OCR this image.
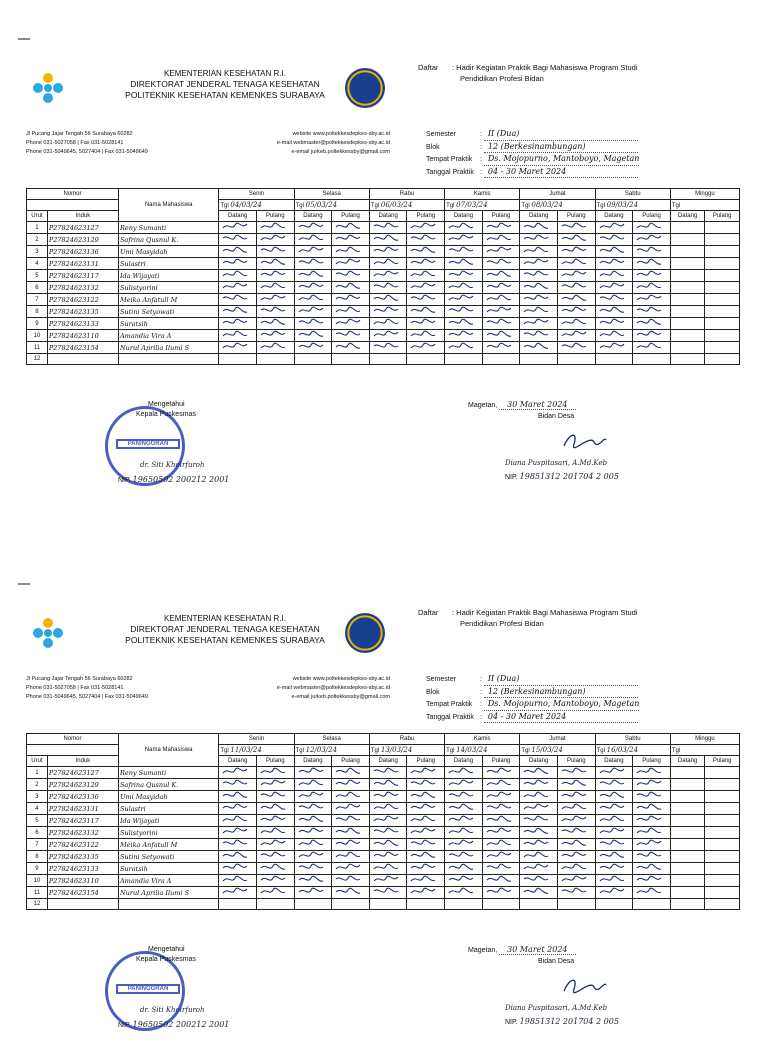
KEMENTERIAN KESEHATAN R.I.
DIREKTORAT JENDERAL TENAGA KESEHATAN
POLITEKNIK KESEHATAN KEMENKES SURABAYA
Jl Pucang Jajar Tengah 56 Surabaya 60282
Phone 031-5027058 | Fax 031-5028141
Phone 031-5049645, 5027404 | Fax 031-5049649
website www.poltekkesdepkes-sby.ac.id
e-mail webmaster@poltekkesdepkes-sby.ac.id
e-email jurkeb.poltekkessby@gmail.com
Daftar : Hadir Kegiatan Praktik Bagi Mahasiswa Program Studi
Pendidikan Profesi Bidan
Semester	: II (Dua)
Blok	: 12 (Berkesinambungan)
Tempat Praktik : Ds. Mojopurno, Mantoboyo, Magetan
Tanggal Praktik : 04 - 30 Maret 2024
Nomor		Nama Mahasiswa	Senin		Selasa		Rabu		Kamis		Jumat		Sabtu		Minggu	
			Tgl 04/03/24		Tgl 05/03/24		Tgl 06/03/24		Tgl 07/03/24		Tgl 08/03/24		Tgl 09/03/24		Tgl	
Urut	Induk		Datang	Pulang	Datang	Pulang	Datang	Pulang	Datang	Pulang	Datang	Pulang	Datang	Pulang	Datang	Pulang
1	P27824623127	Reny Sumanti														
2	P27824623129	Safrina Qusnul K.														
3	P27824623136	Umi Masyidah														
4	P27824623131	Sulastri														
5	P27824623117	Ida Wijayati														
6	P27824623132	Sulistyorini														
7	P27824623122	Meika Anfatull M														
8	P27824623135	Sutini Setyowati														
9	P27824623133	Suratsih														
10	P27824623110	Amandia Vira A														
11	P27824623154	Nurul Aprilia Ilumi S														
12																
PANINGGRAN
Mengetahui
Kepala Puskesmas
dr. Siti Khoirfuroh
NIP. 19650502 200212 2001
Magetan, 30 Maret 2024
Bidan Desa
Diana Puspitasari, A.Md.Keb
NIP. 19851312 201704 2 005
KEMENTERIAN KESEHATAN R.I.
DIREKTORAT JENDERAL TENAGA KESEHATAN
POLITEKNIK KESEHATAN KEMENKES SURABAYA
Jl Pucang Jajar Tengah 56 Surabaya 60282
Phone 031-5027058 | Fax 031-5028141
Phone 031-5049645, 5027404 | Fax 031-5049649
website www.poltekkesdepkes-sby.ac.id
e-mail webmaster@poltekkesdepkes-sby.ac.id
e-email jurkeb.poltekkessby@gmail.com
Daftar : Hadir Kegiatan Praktik Bagi Mahasiswa Program Studi
Pendidikan Profesi Bidan
Semester	: II (Dua)
Blok	: 12 (Berkesinambungan)
Tempat Praktik : Ds. Mojopurno, Mantoboyo, Magetan
Tanggal Praktik : 04 - 30 Maret 2024
Nomor		Nama Mahasiswa	Senin		Selasa		Rabu		Kamis		Jumat		Sabtu		Minggu	
			Tgl 11/03/24		Tgl 12/03/24		Tgl 13/03/24		Tgl 14/03/24		Tgl 15/03/24		Tgl 16/03/24		Tgl	
Urut	Induk		Datang	Pulang	Datang	Pulang	Datang	Pulang	Datang	Pulang	Datang	Pulang	Datang	Pulang	Datang	Pulang
1	P27824623127	Reny Sumanti														
2	P27824623129	Safrina Qusnul K.														
3	P27824623136	Umi Masyidah														
4	P27824623131	Sulastri														
5	P27824623117	Ida Wijayati														
6	P27824623132	Sulistyorini														
7	P27824623122	Meika Anfatull M														
8	P27824623135	Sutini Setyowati														
9	P27824623133	Suratsih														
10	P27824623110	Amandia Vira A														
11	P27824623154	Nurul Aprilia Ilumi S														
12																
PANINGGRAN
Mengetahui
Kepala Puskesmas
dr. Siti Khoirfuroh
NIP. 19650502 200212 2001
Magetan, 30 Maret 2024
Bidan Desa
Diana Puspitasari, A.Md.Keb
NIP. 19851312 201704 2 005
